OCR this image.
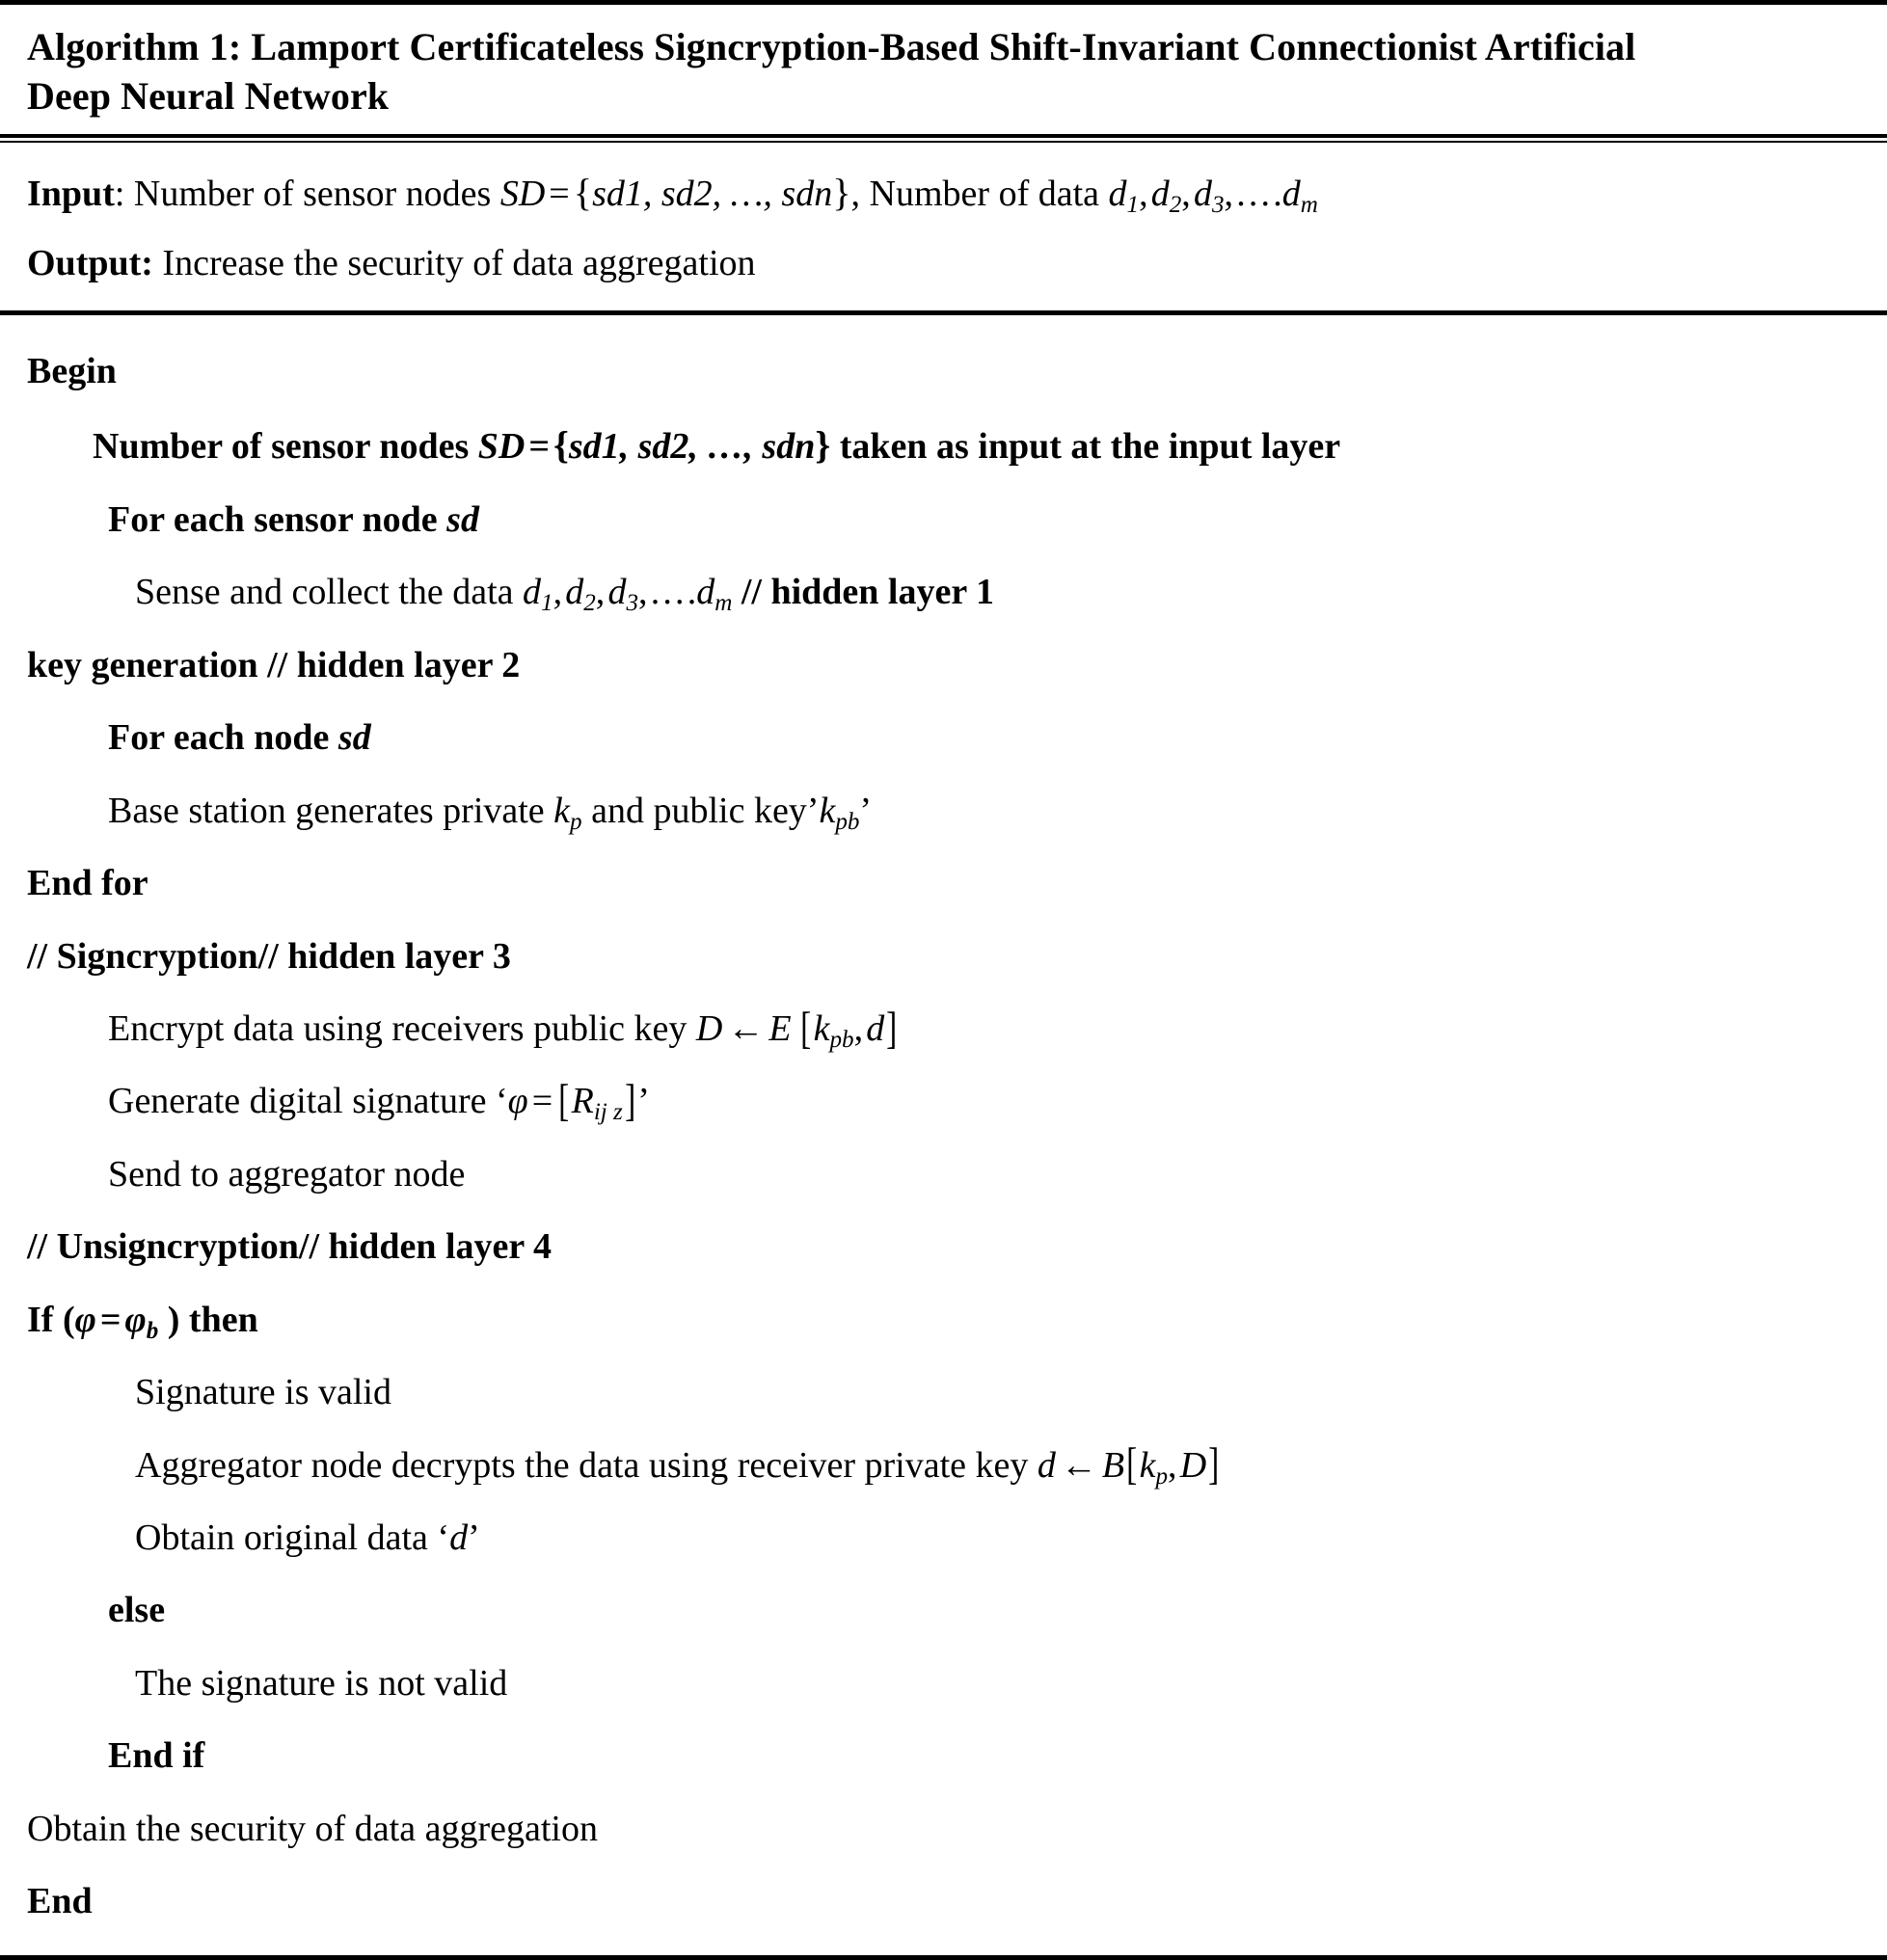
Algorithm 1: Lamport Certificateless Signcryption-Based Shift-Invariant Connectionist Artificial
Deep Neural Network
Input: Number of sensor nodes SD ={sd1, sd2, …, sdn}, Number of data $d_1$, $d_2$, $d_3$, . . . $.d_m$
Output: Increase the security of data aggregation
Begin
Number of sensor nodes SD ={sd1, sd2, …, sdn} taken as input at the input layer
For each sensor node sd
Sense and collect the data $d_1$, $d_2$, $d_3$, . . . $.d_m$ // hidden layer 1
key generation // hidden layer 2
For each node sd
Base station generates private $k_p$ and public $key’k_{pb}$’
End for
// Signcryption// hidden layer 3
Encrypt data using receivers public key D ← E  [$k_{pb}$, d]
Generate digital signature ‘$\varphi = [R_{ij z}]$’
Send to aggregator node
// Unsigncryption// hidden layer 4
If ($\varphi = \varphi_b$ ) then
Signature is valid
Aggregator node decrypts the data using receiver private key d ← $B[k_p$, D]
Obtain original data ‘d’
else
The signature is not valid
End if
Obtain the security of data aggregation
End
